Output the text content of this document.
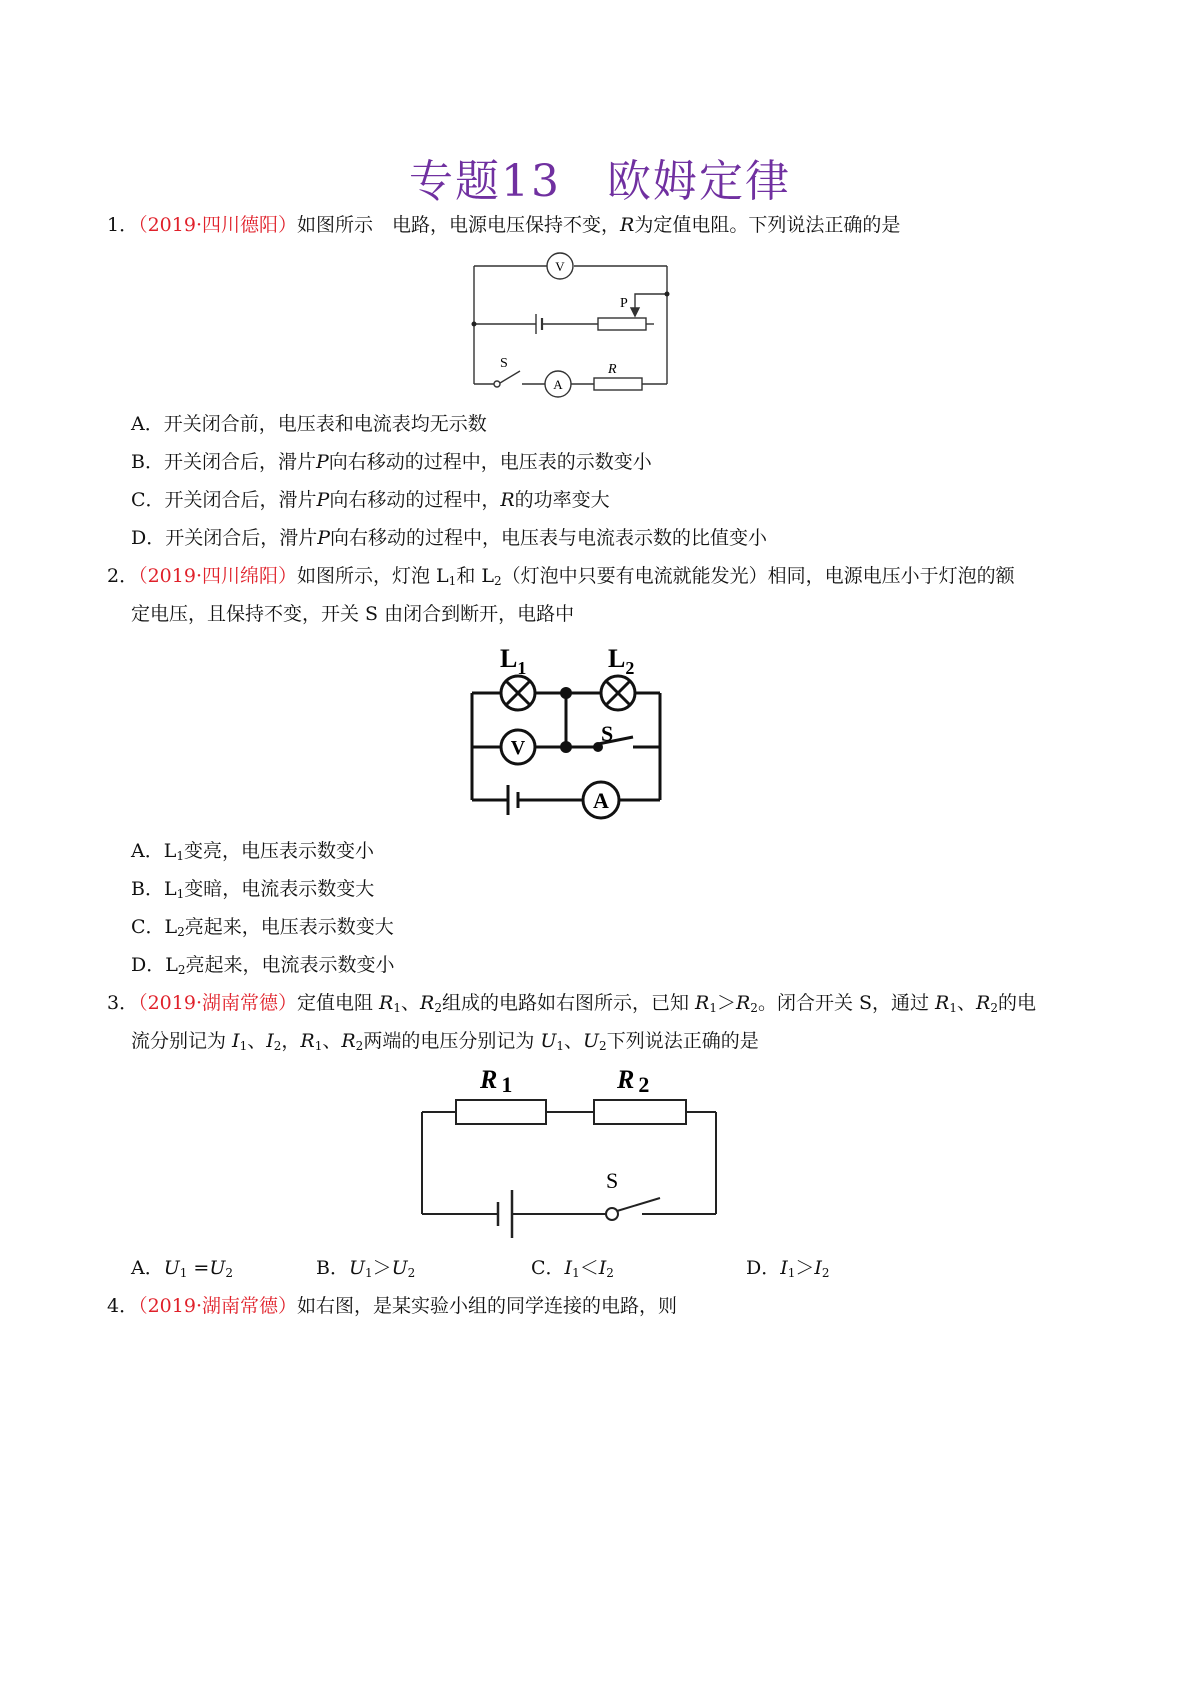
专题13　欧姆定律
1．（2019·四川德阳）如图所示　电路，电源电压保持不变，R为定值电阻。下列说法正确的是
V
A
P
S	R
A．开关闭合前，电压表和电流表均无示数
B．开关闭合后，滑片P向右移动的过程中，电压表的示数变小
C．开关闭合后，滑片P向右移动的过程中，R的功率变大
D．开关闭合后，滑片P向右移动的过程中，电压表与电流表示数的比值变小
2．（2019·四川绵阳）如图所示，灯泡 $L_1$和 $L_2$（灯泡中只要有电流就能发光）相同，电源电压小于灯泡的额
定电压，且保持不变，开关 S 由闭合到断开，电路中
V
A
S
$L_1$	$L_2$
A．$L_1$变亮，电压表示数变小
B．$L_1$变暗，电流表示数变大
C．$L_2$亮起来，电压表示数变大
D．$L_2$亮起来，电流表示数变小
3．（2019·湖南常德）定值电阻 $R_1$、$R_2$组成的电路如右图所示，已知 $R_1>R_2$。闭合开关 S，通过 $R_1$、$R_2$的电
流分别记为 $I_1$、$I_2$，$R_1$、$R_2$两端的电压分别记为 $U_1$、$U_2$下列说法正确的是
R 1	R 2
S
A．$U_1 =U_2$	B．$U_1>U_2$	C．$I_1<I_2$	D．$I_1>I_2$
4．（2019·湖南常德）如右图，是某实验小组的同学连接的电路，则
